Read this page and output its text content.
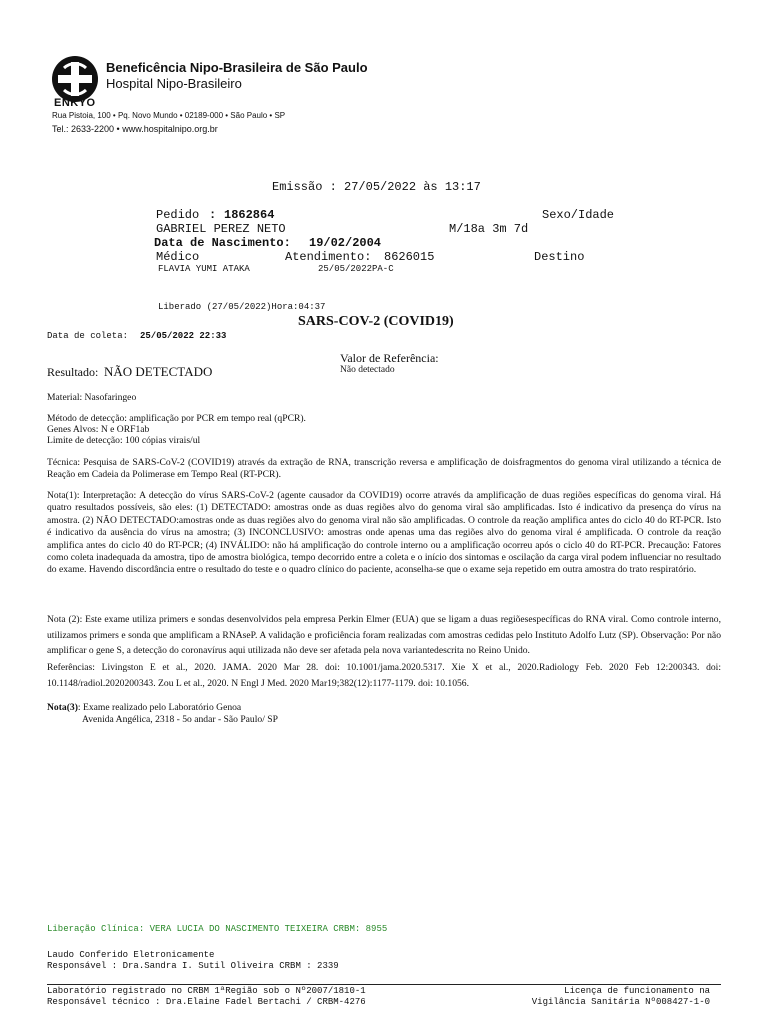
ENKYO
Beneficência Nipo-Brasileira de São Paulo
Hospital Nipo-Brasileiro
Rua Pistoia, 100 • Pq. Novo Mundo • 02189-000 • São Paulo • SP
Tel.: 2633-2200 • www.hospitalnipo.org.br
Emissão : 27/05/2022 às 13:17
Pedido : 1862864	Sexo/Idade
GABRIEL PEREZ NETO	M/18a 3m 7d
Data de Nascimento: 19/02/2004
Médico	Atendimento: 8626015	Destino
FLAVIA YUMI ATAKA	25/05/2022PA-C
Liberado (27/05/2022)Hora:04:37
SARS-COV-2 (COVID19)
Data de coleta: 25/05/2022 22:33
Valor de Referência:
Não detectado
Resultado: NÃO DETECTADO
Material: Nasofaringeo
Método de detecção: amplificação por PCR em tempo real (qPCR).
Genes Alvos: N e ORF1ab
Limite de detecção: 100 cópias virais/ul

Técnica: Pesquisa de SARS-CoV-2 (COVID19) através da extração de RNA, transcrição reversa e amplificação de doisfragmentos do genoma viral utilizando a técnica de Reação em Cadeia da Polimerase em Tempo Real (RT-PCR).

Nota(1): Interpretação: A detecção do vírus SARS-CoV-2 (agente causador da COVID19) ocorre através da amplificação de duas regiões específicas do genoma viral. Há quatro resultados possíveis, são eles: (1) DETECTADO: amostras onde as duas regiões alvo do genoma viral são amplificadas. Isto é indicativo da presença do vírus na amostra. (2) NÃO DETECTADO:amostras onde as duas regiões alvo do genoma viral não são amplificadas. O controle da reação amplifica antes do ciclo 40 do RT-PCR. Isto é indicativo da ausência do vírus na amostra; (3) INCONCLUSIVO: amostras onde apenas uma das regiões alvo do genoma viral é amplificada. O controle da reação amplifica antes do ciclo 40 do RT-PCR; (4) INVÁLIDO: não há amplificação do controle interno ou a amplificação ocorreu após o ciclo 40 do RT-PCR. Precaução: Fatores como coleta inadequada da amostra, tipo de amostra biológica, tempo decorrido entre a coleta e o início dos sintomas e oscilação da carga viral podem influenciar no resultado do exame. Havendo discordância entre o resultado do teste e o quadro clínico do paciente, aconselha-se que o exame seja repetido em outra amostra do trato respiratório.

Nota (2): Este exame utiliza primers e sondas desenvolvidos pela empresa Perkin Elmer (EUA) que se ligam a duas regiõesespecíficas do RNA viral. Como controle interno, utilizamos primers e sonda que amplificam a RNAseP. A validação e proficiência foram realizadas com amostras cedidas pelo Instituto Adolfo Lutz (SP). Observação: Por não amplificar o gene S, a detecção do coronavírus aqui utilizada não deve ser afetada pela nova variantedescrita no Reino Unido.

Referências: Livingston E et al., 2020. JAMA. 2020 Mar 28. doi: 10.1001/jama.2020.5317. Xie X et al., 2020.Radiology Feb. 2020 Feb 12:200343. doi: 10.1148/radiol.2020200343. Zou L et al., 2020. N Engl J Med. 2020 Mar19;382(12):1177-1179. doi: 10.1056.

Nota(3): Exame realizado pelo Laboratório Genoa
Avenida Angélica, 2318 - 5o andar - São Paulo/ SP
Liberação Clínica: VERA LUCIA DO NASCIMENTO TEIXEIRA CRBM: 8955
Laudo Conferido Eletronicamente
Responsável : Dra.Sandra I. Sutil Oliveira CRBM : 2339
Laboratório registrado no CRBM 1ªRegião sob o Nº2007/1810-1
Responsável técnico : Dra.Elaine Fadel Bertachi / CRBM-4276
Licença de funcionamento na
Vigilância Sanitária Nº008427-1-0
